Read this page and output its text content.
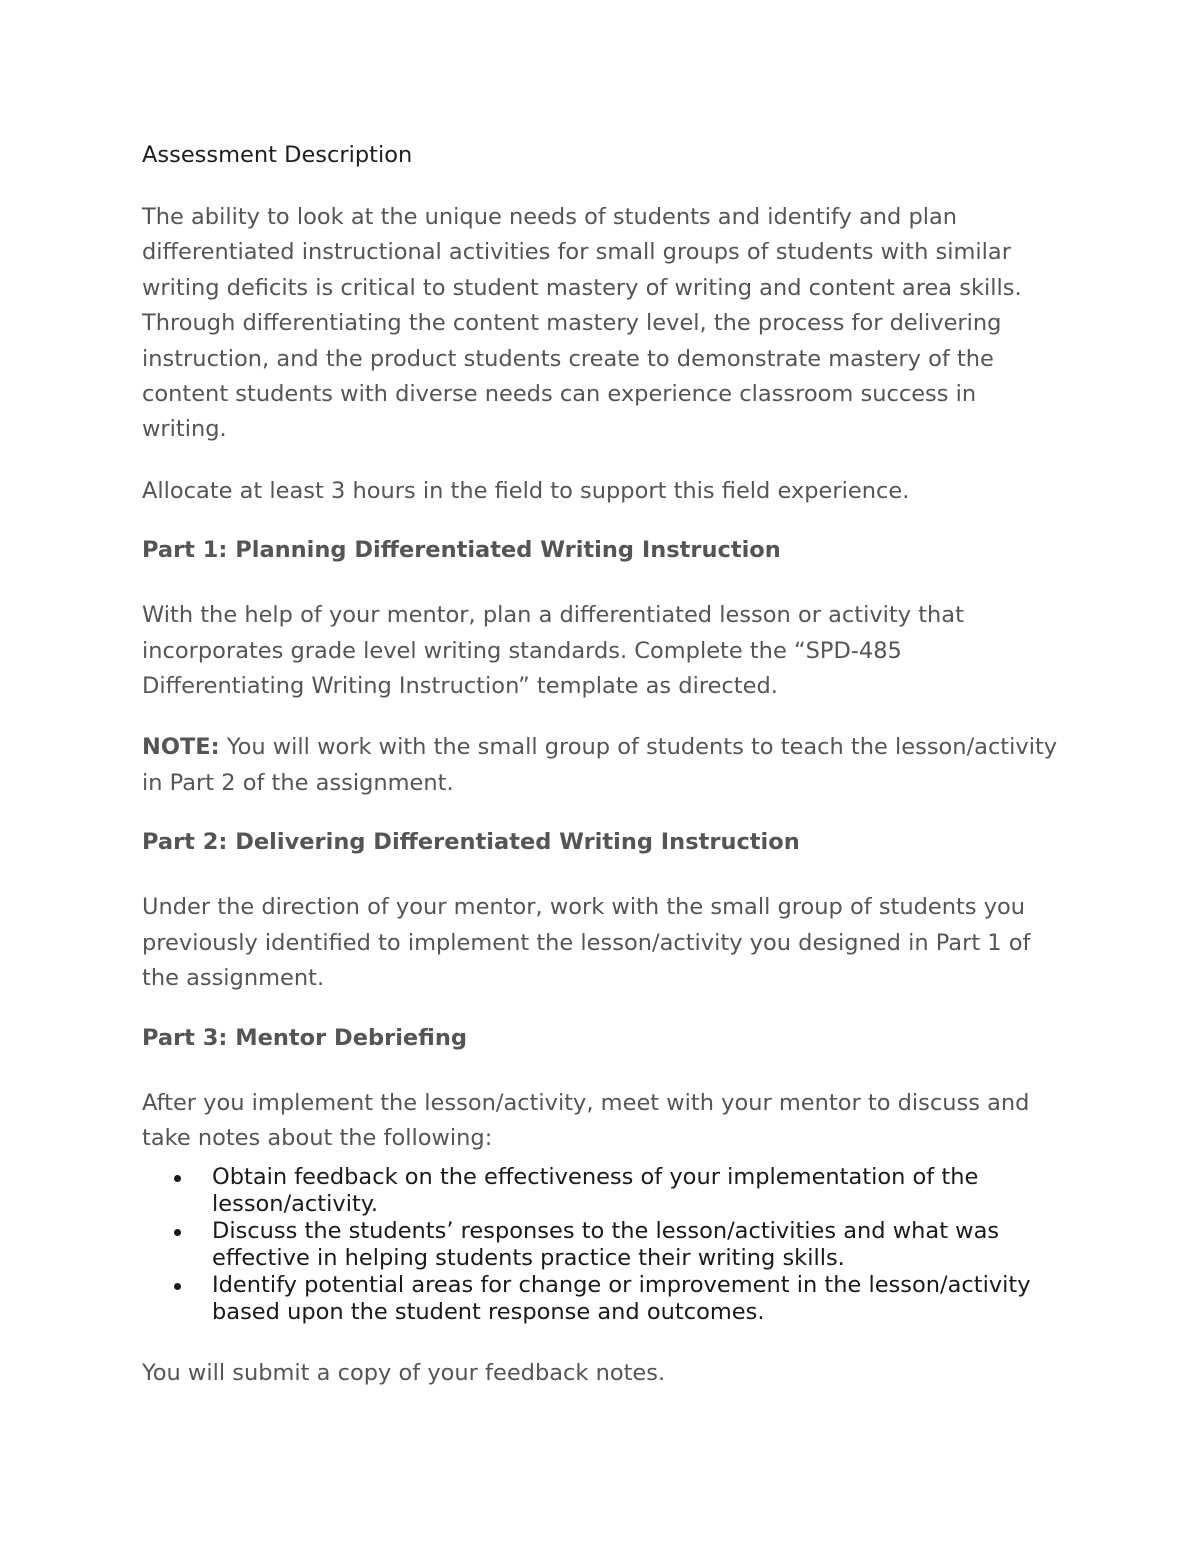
Assessment Description

The ability to look at the unique needs of students and identify and plan differentiated instructional activities for small groups of students with similar writing deficits is critical to student mastery of writing and content area skills. Through differentiating the content mastery level, the process for delivering instruction, and the product students create to demonstrate mastery of the content students with diverse needs can experience classroom success in writing.

Allocate at least 3 hours in the field to support this field experience.

Part 1: Planning Differentiated Writing Instruction

With the help of your mentor, plan a differentiated lesson or activity that incorporates grade level writing standards. Complete the “SPD-485 Differentiating Writing Instruction” template as directed.

NOTE: You will work with the small group of students to teach the lesson/activity in Part 2 of the assignment.

Part 2: Delivering Differentiated Writing Instruction

Under the direction of your mentor, work with the small group of students you previously identified to implement the lesson/activity you designed in Part 1 of the assignment.

Part 3: Mentor Debriefing

After you implement the lesson/activity, meet with your mentor to discuss and take notes about the following:

Obtain feedback on the effectiveness of your implementation of the lesson/activity.
Discuss the students’ responses to the lesson/activities and what was effective in helping students practice their writing skills.
Identify potential areas for change or improvement in the lesson/activity based upon the student response and outcomes.

You will submit a copy of your feedback notes.
